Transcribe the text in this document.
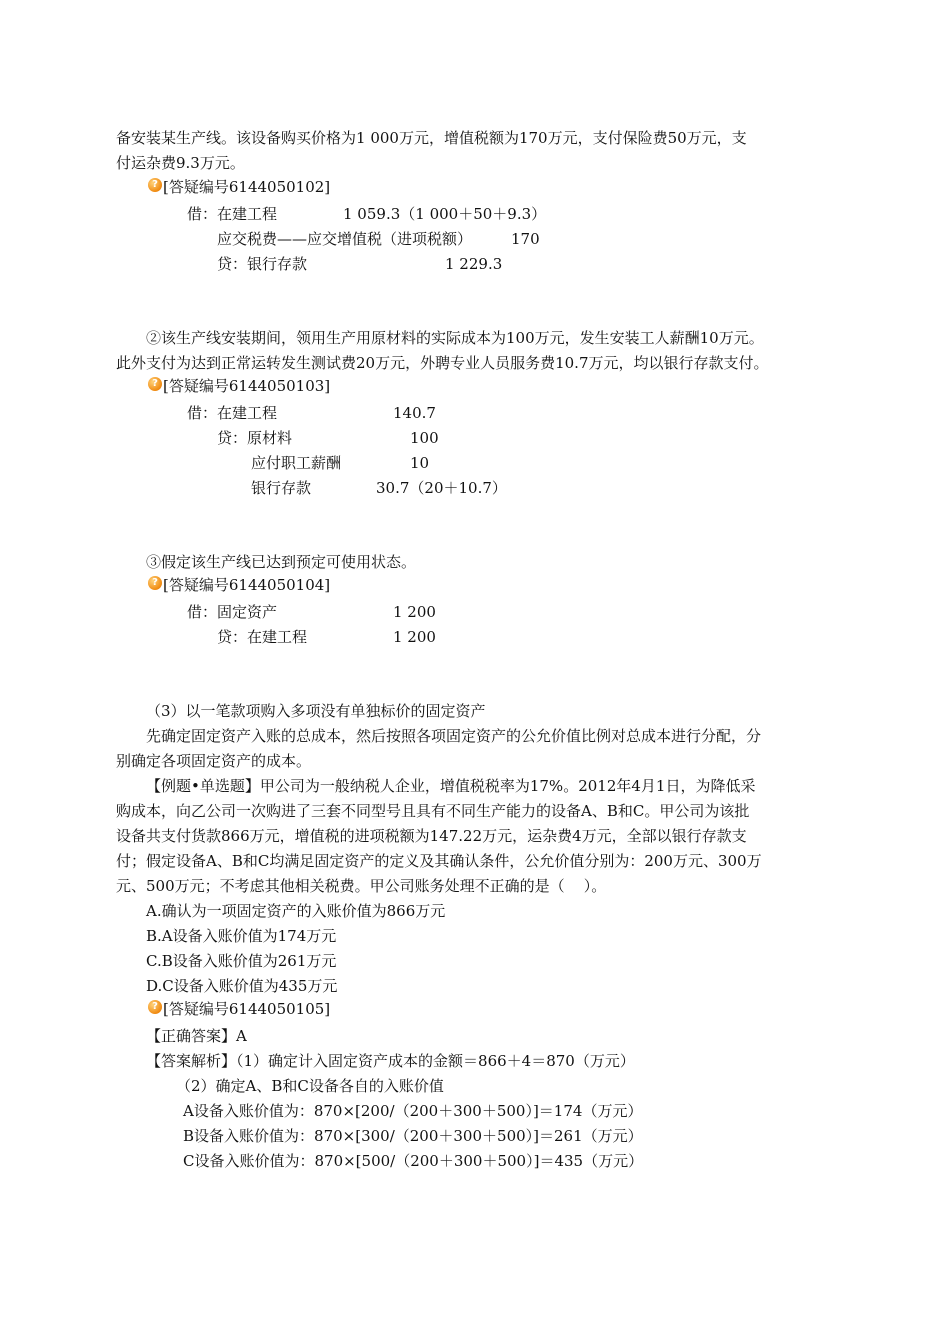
备安装某生产线。该设备购买价格为1 000万元，增值税额为170万元，支付保险费50万元，支
付运杂费9.3万元。
? [答疑编号6144050102]
借：在建工程	1 059.3（1 000＋50＋9.3）
应交税费——应交增值税（进项税额）	170
贷：银行存款	1 229.3
②该生产线安装期间，领用生产用原材料的实际成本为100万元，发生安装工人薪酬10万元。
此外支付为达到正常运转发生测试费20万元，外聘专业人员服务费10.7万元，均以银行存款支付。
? [答疑编号6144050103]
借：在建工程	140.7
贷：原材料	100
应付职工薪酬	10
银行存款	30.7（20＋10.7）
③假定该生产线已达到预定可使用状态。
? [答疑编号6144050104]
借：固定资产	1 200
贷：在建工程	1 200
（3）以一笔款项购入多项没有单独标价的固定资产
先确定固定资产入账的总成本，然后按照各项固定资产的公允价值比例对总成本进行分配，分
别确定各项固定资产的成本。
【例题•单选题】甲公司为一般纳税人企业，增值税税率为17%。2012年4月1日，为降低采
购成本，向乙公司一次购进了三套不同型号且具有不同生产能力的设备A、B和C。甲公司为该批
设备共支付货款866万元，增值税的进项税额为147.22万元，运杂费4万元，全部以银行存款支
付；假定设备A、B和C均满足固定资产的定义及其确认条件，公允价值分别为：200万元、300万
元、500万元；不考虑其他相关税费。甲公司账务处理不正确的是（    ）。
A.确认为一项固定资产的入账价值为866万元
B.A设备入账价值为174万元
C.B设备入账价值为261万元
D.C设备入账价值为435万元
? [答疑编号6144050105]
【正确答案】A
【答案解析】（1）确定计入固定资产成本的金额＝866＋4＝870（万元）
（2）确定A、B和C设备各自的入账价值
A设备入账价值为：870×[200/（200＋300＋500）]＝174（万元）
B设备入账价值为：870×[300/（200＋300＋500）]＝261（万元）
C设备入账价值为：870×[500/（200＋300＋500）]＝435（万元）
